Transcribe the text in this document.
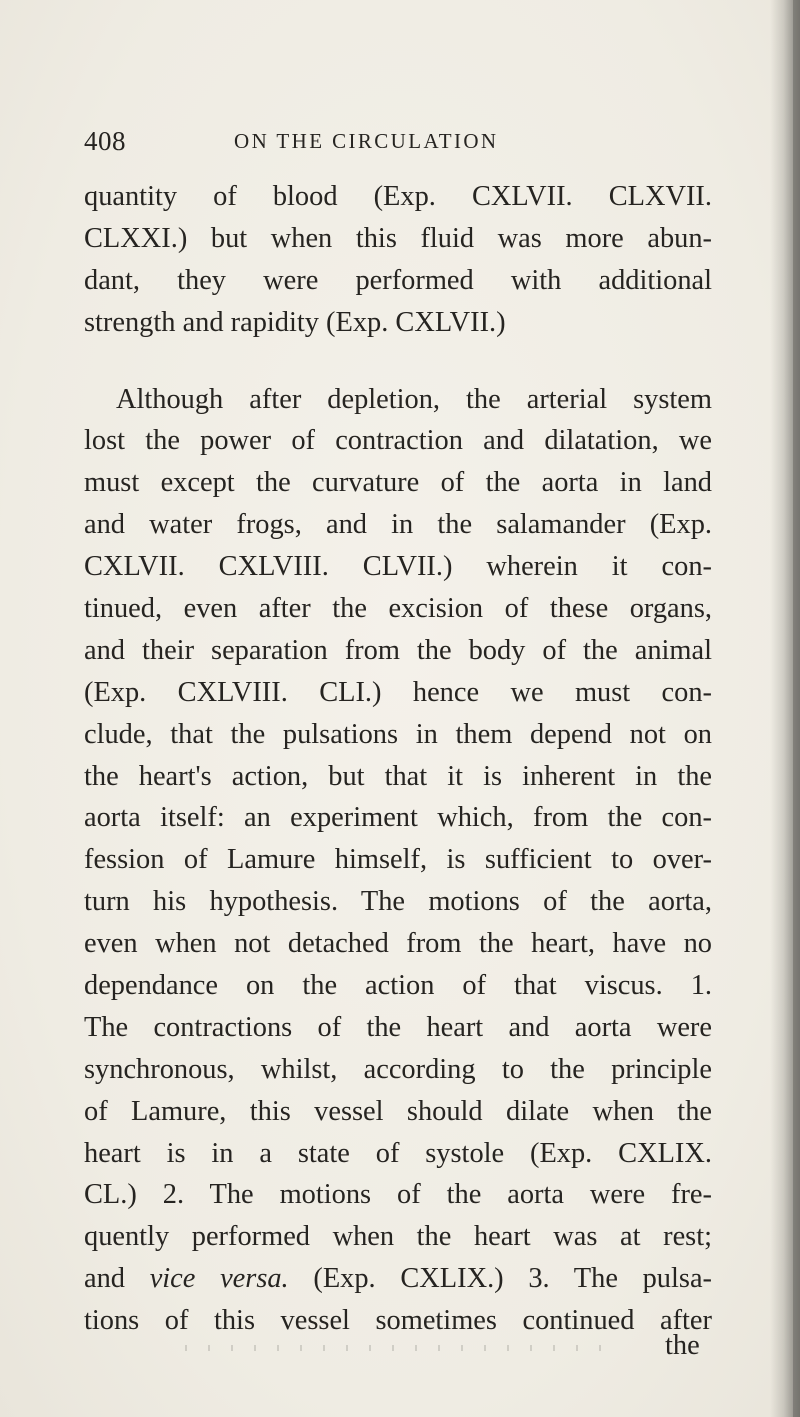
408	ON THE CIRCULATION
quantity of blood (Exp. CXLVII. CLXVII.
CLXXI.) but when this fluid was more abun-
dant, they were performed with additional
strength and rapidity (Exp. CXLVII.)
Although after depletion, the arterial system
lost the power of contraction and dilatation, we
must except the curvature of the aorta in land
and water frogs, and in the salamander (Exp.
CXLVII. CXLVIII. CLVII.) wherein it con-
tinued, even after the excision of these organs,
and their separation from the body of the animal
(Exp. CXLVIII. CLI.) hence we must con-
clude, that the pulsations in them depend not on
the heart's action, but that it is inherent in the
aorta itself: an experiment which, from the con-
fession of Lamure himself, is sufficient to over-
turn his hypothesis. The motions of the aorta,
even when not detached from the heart, have no
dependance on the action of that viscus. 1.
The contractions of the heart and aorta were
synchronous, whilst, according to the principle
of Lamure, this vessel should dilate when the
heart is in a state of systole (Exp. CXLIX.
CL.) 2. The motions of the aorta were fre-
quently performed when the heart was at rest;
and vice versa. (Exp. CXLIX.) 3. The pulsa-
tions of this vessel sometimes continued after
the
